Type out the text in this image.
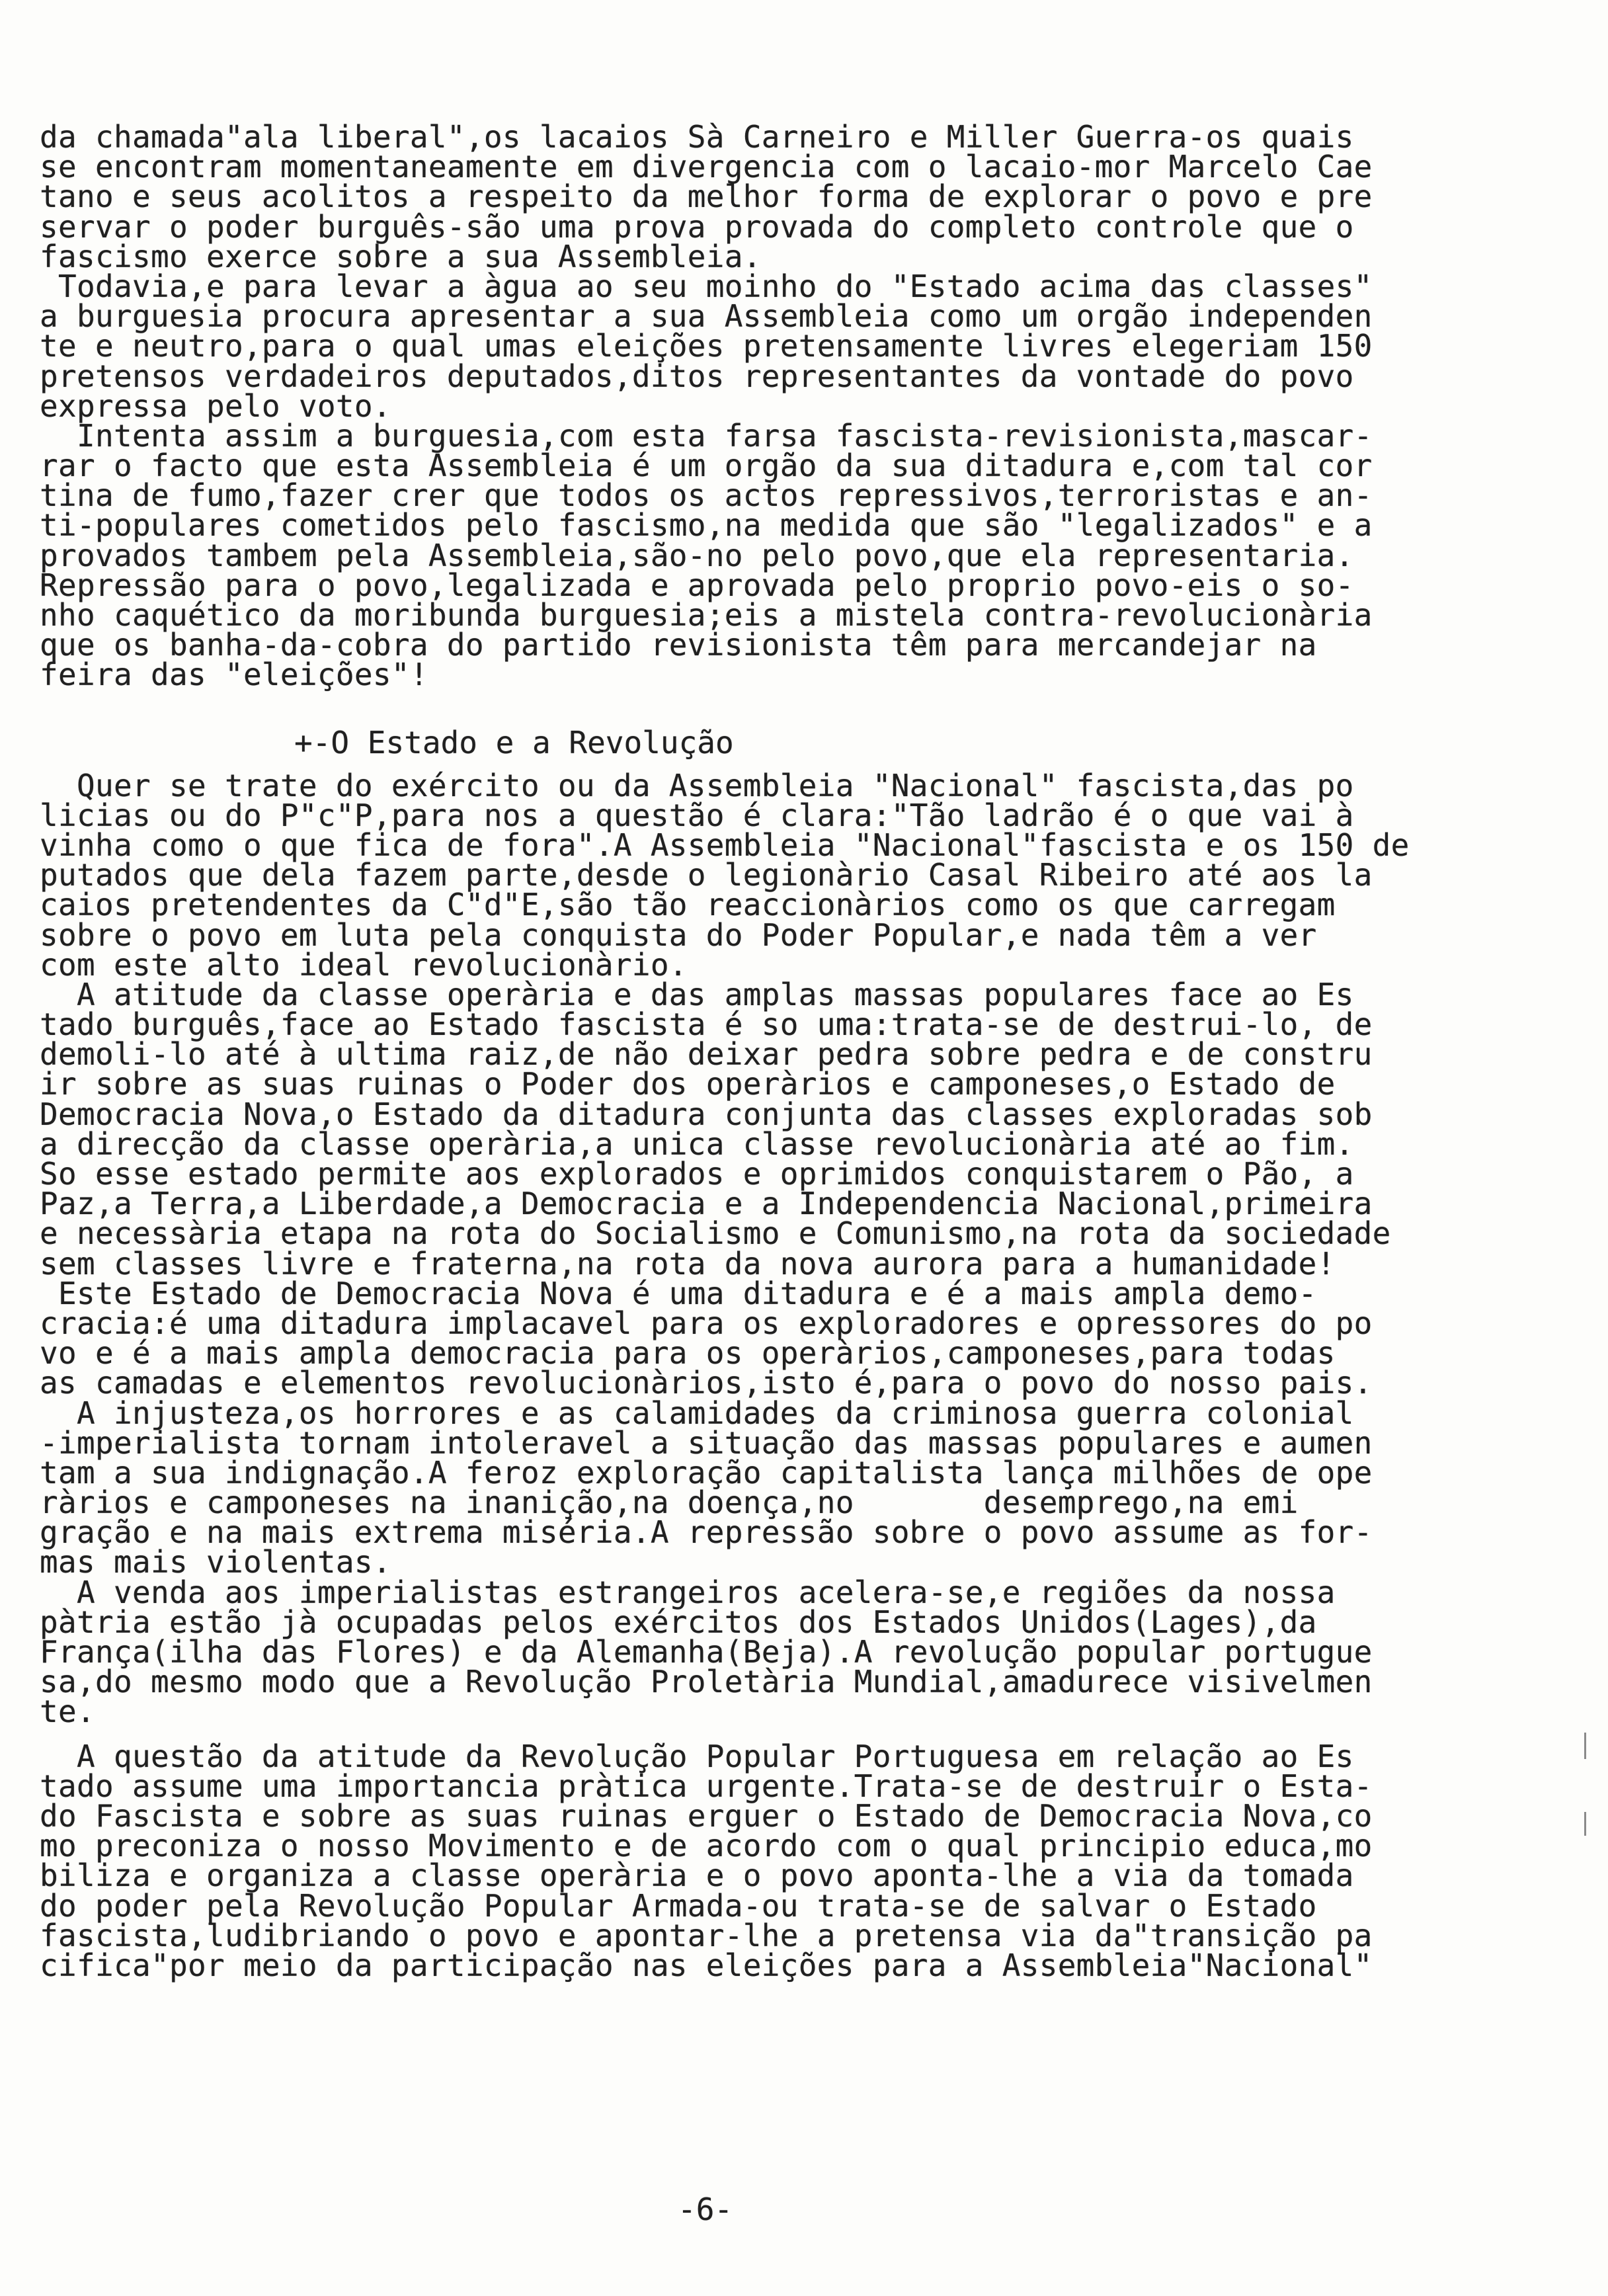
da chamada"ala liberal",os lacaios Sà Carneiro e Miller Guerra-os quais
se encontram momentaneamente em divergencia com o lacaio-mor Marcelo Cae
tano e seus acolitos a respeito da melhor forma de explorar o povo e pre
servar o poder burguês-são uma prova provada do completo controle que o
fascismo exerce sobre a sua Assembleia.
Todavia,e para levar a àgua ao seu moinho do "Estado acima das classes"
a burguesia procura apresentar a sua Assembleia como um orgão independen
te e neutro,para o qual umas eleições pretensamente livres elegeriam 150
pretensos verdadeiros deputados,ditos representantes da vontade do povo
expressa pelo voto.
Intenta assim a burguesia,com esta farsa fascista-revisionista,mascar-
rar o facto que esta Assembleia é um orgão da sua ditadura e,com tal cor
tina de fumo,fazer crer que todos os actos repressivos,terroristas e an-
ti-populares cometidos pelo fascismo,na medida que são "legalizados" e a
provados tambem pela Assembleia,são-no pelo povo,que ela representaria.
Repressão para o povo,legalizada e aprovada pelo proprio povo-eis o so-
nho caquético da moribunda burguesia;eis a mistela contra-revolucionària
que os banha-da-cobra do partido revisionista têm para mercandejar na
feira das "eleições"!
+-O Estado e a Revolução
Quer se trate do exército ou da Assembleia "Nacional" fascista,das po
licias ou do P"c"P,para nos a questão é clara:"Tão ladrão é o que vai à
vinha como o que fica de fora".A Assembleia "Nacional"fascista e os 150 de
putados que dela fazem parte,desde o legionàrio Casal Ribeiro até aos la
caios pretendentes da C"d"E,são tão reaccionàrios como os que carregam
sobre o povo em luta pela conquista do Poder Popular,e nada têm a ver
com este alto ideal revolucionàrio.
A atitude da classe operària e das amplas massas populares face ao Es
tado burguês,face ao Estado fascista é so uma:trata-se de destrui-lo, de
demoli-lo até à ultima raiz,de não deixar pedra sobre pedra e de constru
ir sobre as suas ruinas o Poder dos operàrios e camponeses,o Estado de
Democracia Nova,o Estado da ditadura conjunta das classes exploradas sob
a direcção da classe operària,a unica classe revolucionària até ao fim.
So esse estado permite aos explorados e oprimidos conquistarem o Pão, a
Paz,a Terra,a Liberdade,a Democracia e a Independencia Nacional,primeira
e necessària etapa na rota do Socialismo e Comunismo,na rota da sociedade
sem classes livre e fraterna,na rota da nova aurora para a humanidade!
Este Estado de Democracia Nova é uma ditadura e é a mais ampla demo-
cracia:é uma ditadura implacavel para os exploradores e opressores do po
vo e é a mais ampla democracia para os operàrios,camponeses,para todas
as camadas e elementos revolucionàrios,isto é,para o povo do nosso pais.
A injusteza,os horrores e as calamidades da criminosa guerra colonial
-imperialista tornam intoleravel a situação das massas populares e aumen
tam a sua indignação.A feroz exploração capitalista lança milhões de ope
ràrios e camponeses na inanição,na doença,no       desemprego,na emi
gração e na mais extrema miséria.A repressão sobre o povo assume as for-
mas mais violentas.
A venda aos imperialistas estrangeiros acelera-se,e regiões da nossa
pàtria estão jà ocupadas pelos exércitos dos Estados Unidos(Lages),da
França(ilha das Flores) e da Alemanha(Beja).A revolução popular portugue
sa,do mesmo modo que a Revolução Proletària Mundial,amadurece visivelmen
te.
A questão da atitude da Revolução Popular Portuguesa em relação ao Es
tado assume uma importancia pràtica urgente.Trata-se de destruir o Esta-
do Fascista e sobre as suas ruinas erguer o Estado de Democracia Nova,co
mo preconiza o nosso Movimento e de acordo com o qual principio educa,mo
biliza e organiza a classe operària e o povo aponta-lhe a via da tomada
do poder pela Revolução Popular Armada-ou trata-se de salvar o Estado
fascista,ludibriando o povo e apontar-lhe a pretensa via da"transição pa
cifica"por meio da participação nas eleições para a Assembleia"Nacional"
-6-
